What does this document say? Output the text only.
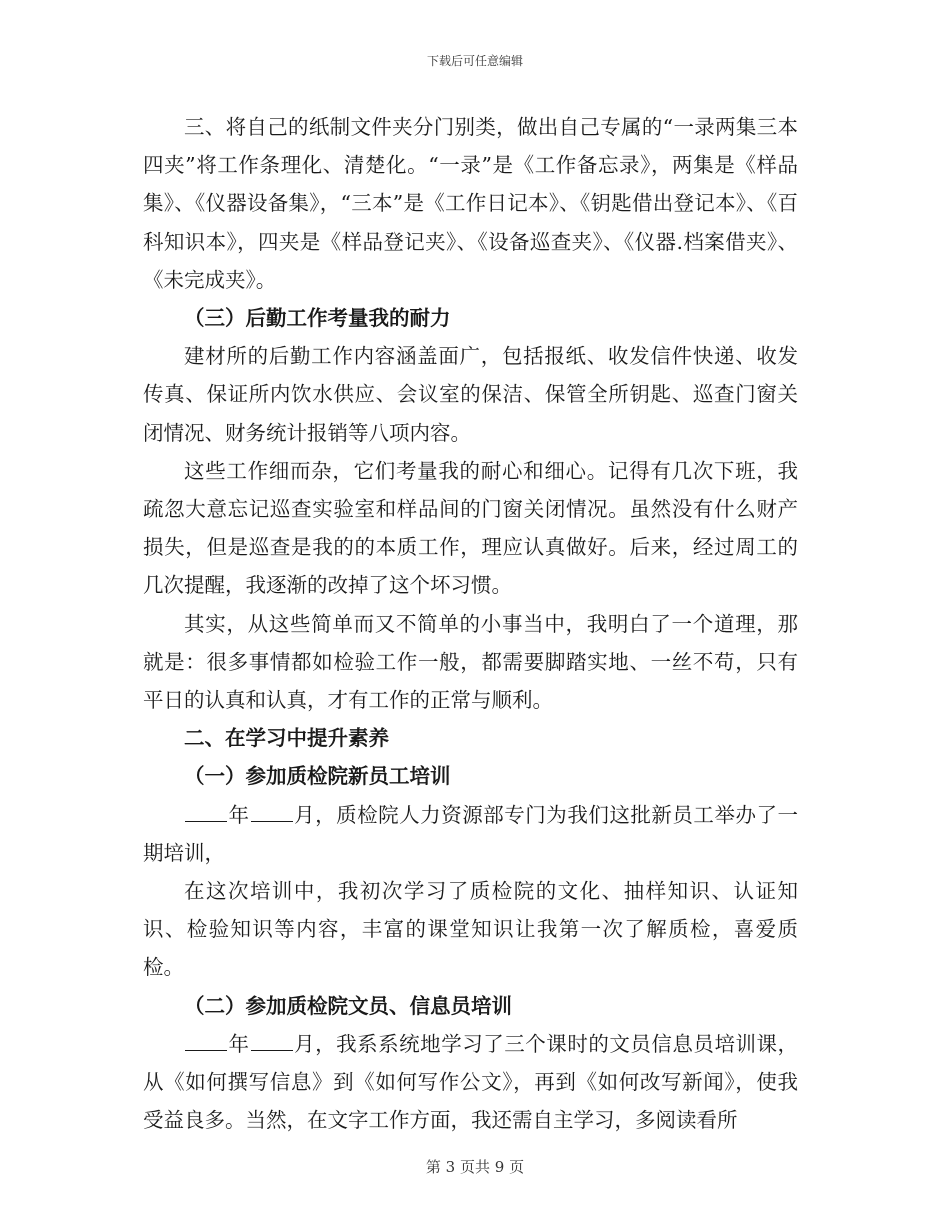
下载后可任意编辑

三、将自己的纸制文件夹分门别类，做出自己专属的“一录两集三本四夹”将工作条理化、清楚化。“一录”是《工作备忘录》，两集是《样品集》、《仪器设备集》，“三本”是《工作日记本》、《钥匙借出登记本》、《百科知识本》，四夹是《样品登记夹》、《设备巡查夹》、《仪器.档案借夹》、《未完成夹》。

（三）后勤工作考量我的耐力

建材所的后勤工作内容涵盖面广，包括报纸、收发信件快递、收发传真、保证所内饮水供应、会议室的保洁、保管全所钥匙、巡查门窗关闭情况、财务统计报销等八项内容。

这些工作细而杂，它们考量我的耐心和细心。记得有几次下班，我疏忽大意忘记巡查实验室和样品间的门窗关闭情况。虽然没有什么财产损失，但是巡查是我的的本质工作，理应认真做好。后来，经过周工的几次提醒，我逐渐的改掉了这个坏习惯。

其实，从这些简单而又不简单的小事当中，我明白了一个道理，那就是：很多事情都如检验工作一般，都需要脚踏实地、一丝不苟，只有平日的认真和认真，才有工作的正常与顺利。

二、在学习中提升素养

（一）参加质检院新员工培训

年 月，质检院人力资源部专门为我们这批新员工举办了一期培训，

在这次培训中，我初次学习了质检院的文化、抽样知识、认证知识、检验知识等内容，丰富的课堂知识让我第一次了解质检，喜爱质检。

（二）参加质检院文员、信息员培训

年 月，我系系统地学习了三个课时的文员信息员培训课，从《如何撰写信息》到《如何写作公文》，再到《如何改写新闻》，使我受益良多。当然，在文字工作方面，我还需自主学习，多阅读看所

第 3 页共 9 页
